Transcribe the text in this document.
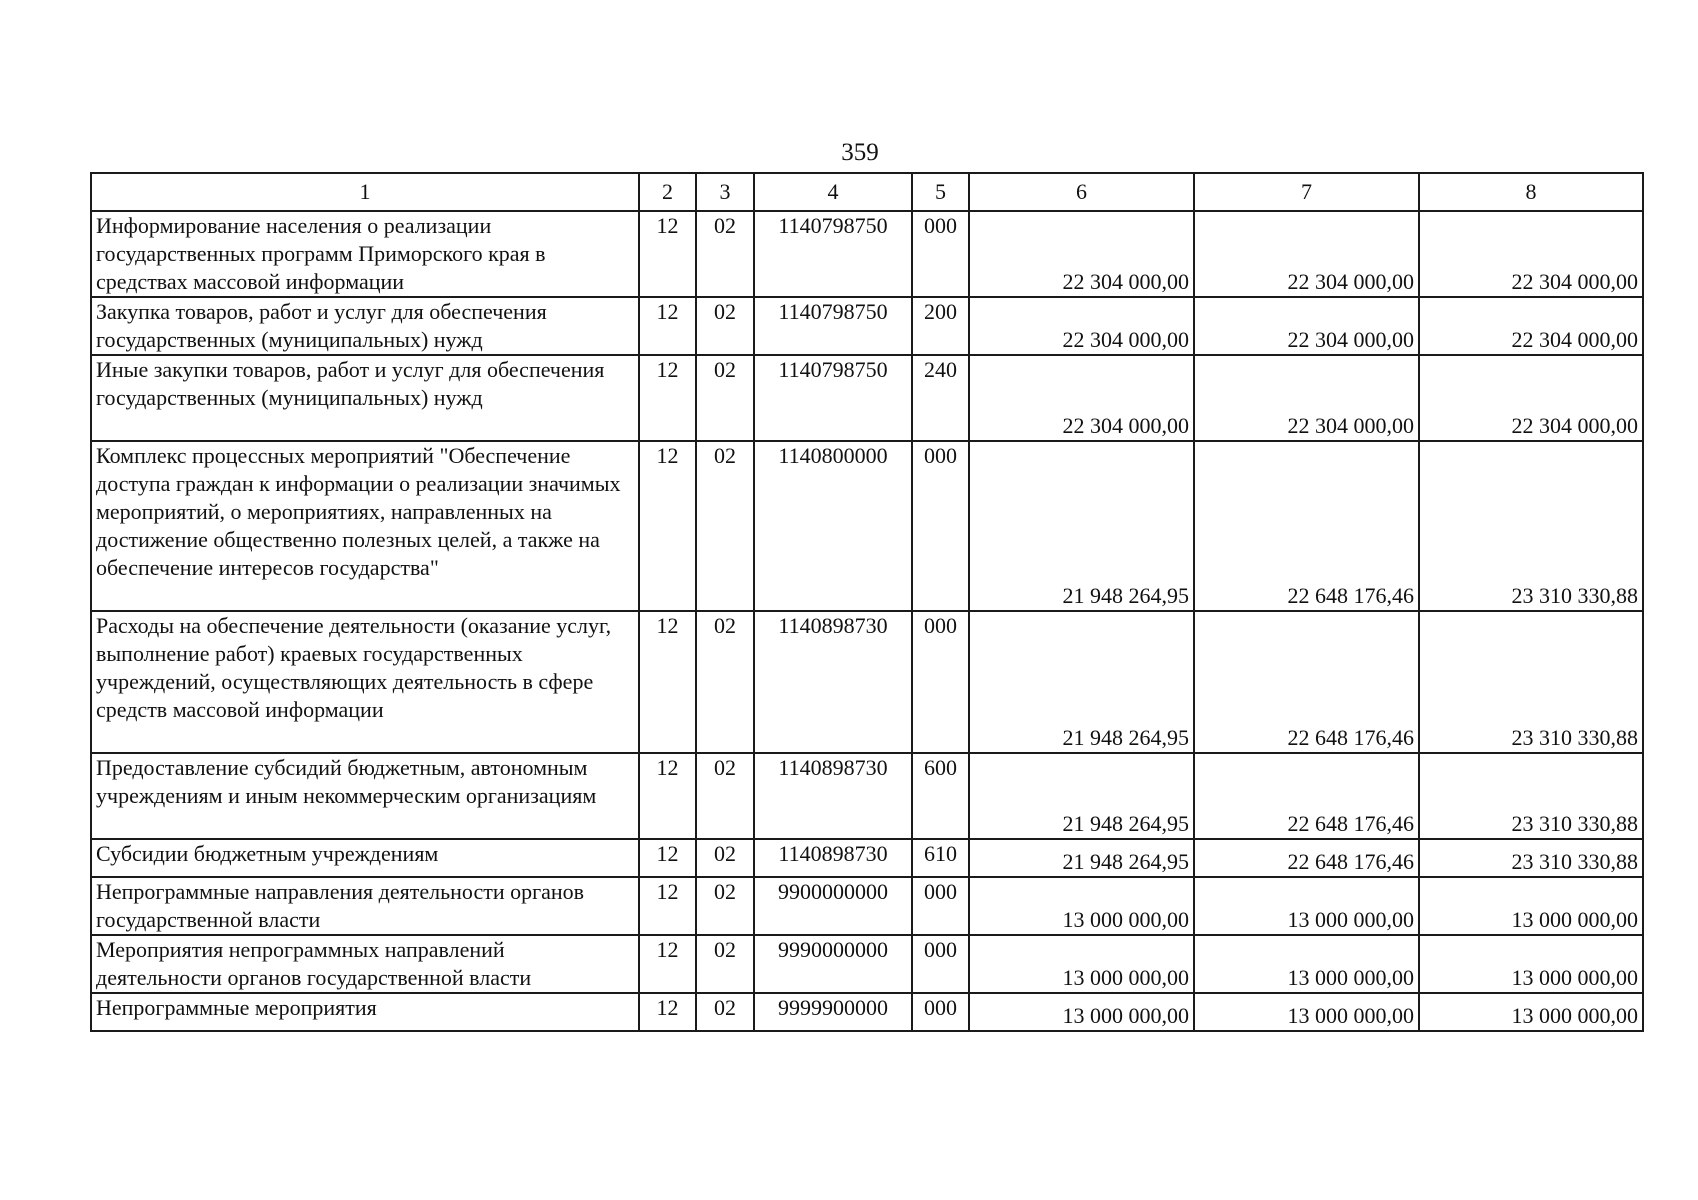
359
1	2	3	4	5	6	7	8
Информирование населения о реализации государственных программ Приморского края в средствах массовой информации	12	02	1140798750	000	22 304 000,00	22 304 000,00	22 304 000,00
Закупка товаров, работ и услуг для обеспечения государственных (муниципальных) нужд	12	02	1140798750	200	22 304 000,00	22 304 000,00	22 304 000,00
Иные закупки товаров, работ и услуг для обеспечения государственных (муниципальных) нужд	12	02	1140798750	240	22 304 000,00	22 304 000,00	22 304 000,00
Комплекс процессных мероприятий "Обеспечение доступа граждан к информации о реализации значимых мероприятий, о мероприятиях, направленных на достижение общественно полезных целей, а также на обеспечение интересов государства"	12	02	1140800000	000	21 948 264,95	22 648 176,46	23 310 330,88
Расходы на обеспечение деятельности (оказание услуг, выполнение работ) краевых государственных учреждений, осуществляющих деятельность в сфере средств массовой информации	12	02	1140898730	000	21 948 264,95	22 648 176,46	23 310 330,88
Предоставление субсидий бюджетным, автономным учреждениям и иным некоммерческим организациям	12	02	1140898730	600	21 948 264,95	22 648 176,46	23 310 330,88
Субсидии бюджетным учреждениям	12	02	1140898730	610	21 948 264,95	22 648 176,46	23 310 330,88
Непрограммные направления деятельности органов государственной власти	12	02	9900000000	000	13 000 000,00	13 000 000,00	13 000 000,00
Мероприятия непрограммных направлений деятельности органов государственной власти	12	02	9990000000	000	13 000 000,00	13 000 000,00	13 000 000,00
Непрограммные мероприятия	12	02	9999900000	000	13 000 000,00	13 000 000,00	13 000 000,00
